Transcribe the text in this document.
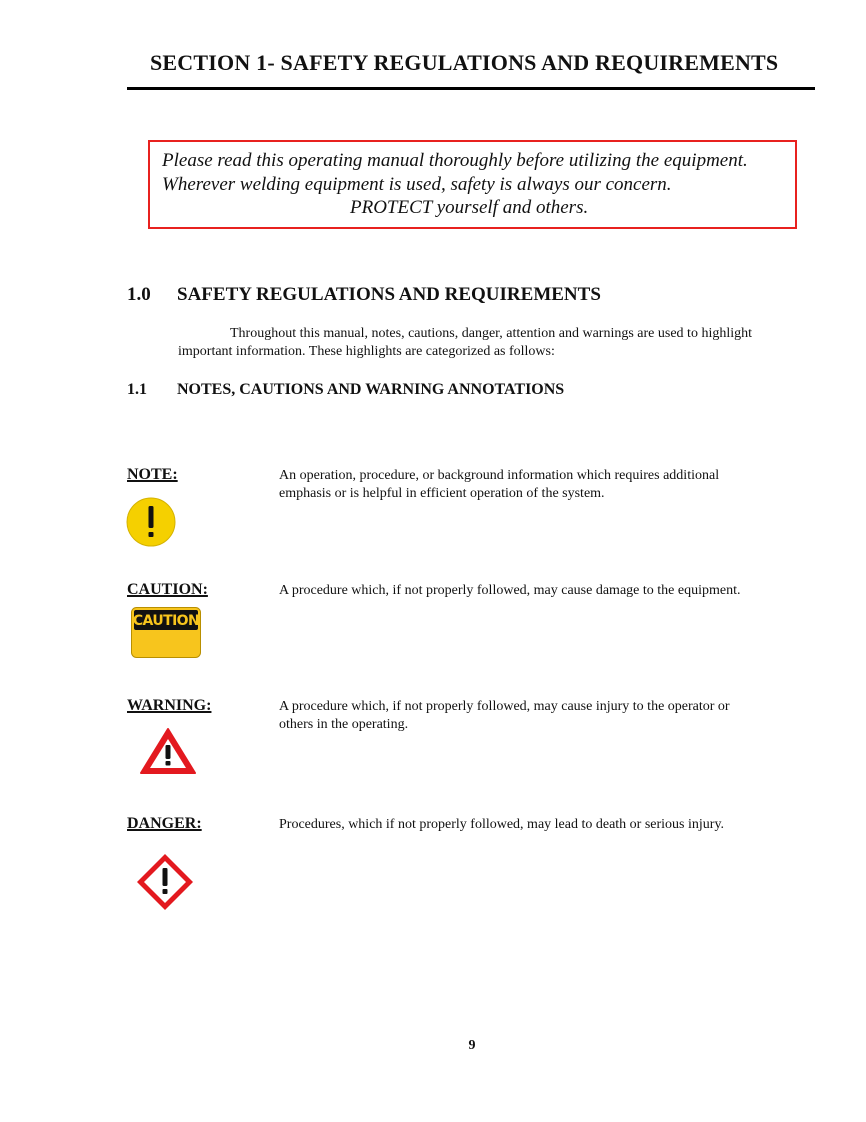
SECTION 1- SAFETY REGULATIONS AND REQUIREMENTS
Please read this operating manual thoroughly before utilizing the equipment.
Wherever welding equipment is used, safety is always our concern.
PROTECT yourself and others.
1.0 SAFETY REGULATIONS AND REQUIREMENTS
Throughout this manual, notes, cautions, danger, attention and warnings are used to highlight
important information. These highlights are categorized as follows:
1.1 NOTES, CAUTIONS AND WARNING ANNOTATIONS
NOTE:	An operation, procedure, or background information which requires additional
emphasis or is helpful in efficient operation of the system.
CAUTION:	A procedure which, if not properly followed, may cause damage to the equipment.
CAUTION
WARNING:	A procedure which, if not properly followed, may cause injury to the operator or
others in the operating.
DANGER:	Procedures, which if not properly followed, may lead to death or serious injury.
9
